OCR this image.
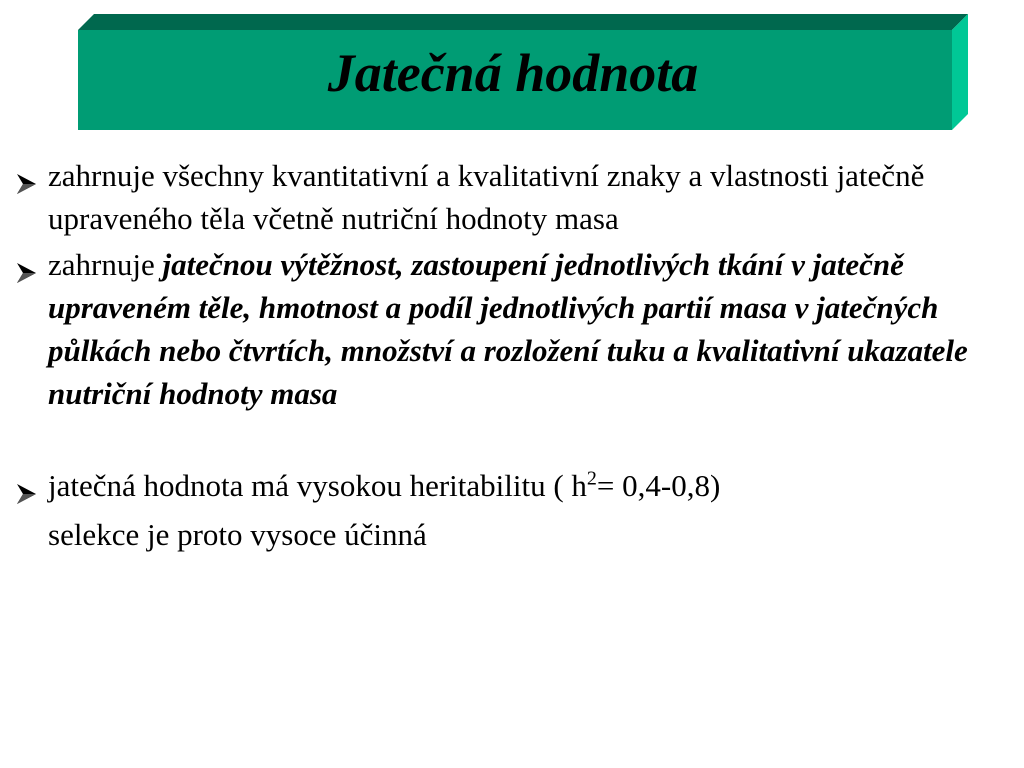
Jatečná hodnota
zahrnuje všechny kvantitativní a kvalitativní znaky a vlastnosti jatečně upraveného těla včetně nutriční hodnoty masa
zahrnuje jatečnou výtěžnost, zastoupení jednotlivých tkání v jatečně upraveném těle, hmotnost a podíl jednotlivých partií masa v jatečných půlkách nebo čtvrtích, množství a rozložení tuku a kvalitativní ukazatele nutriční hodnoty masa
jatečná hodnota má vysokou heritabilitu ( $h^2= 0,4-0,8$)
selekce je proto vysoce účinná
